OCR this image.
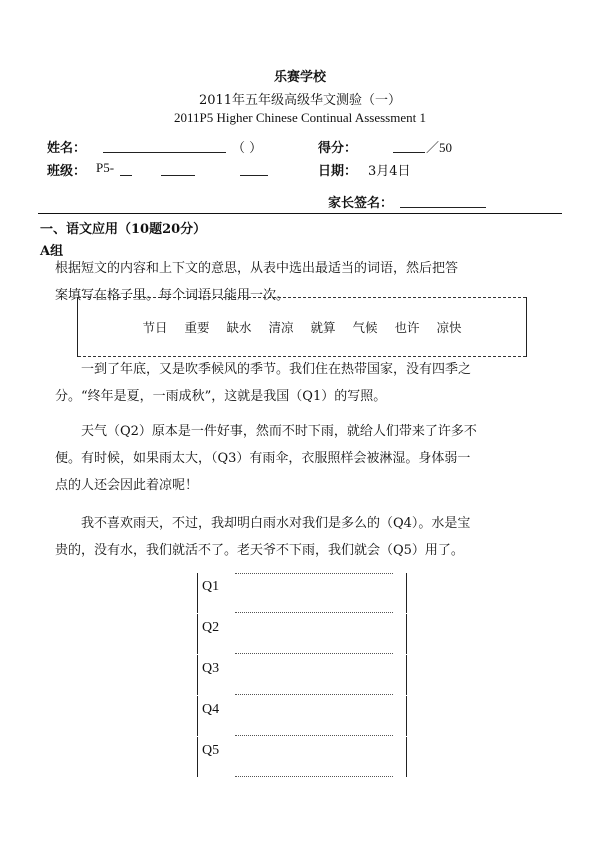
乐赛学校
2011年五年级高级华文测验（一）
2011P5 Higher Chinese Continual Assessment 1
姓名：	（ ）	得分：	／50
班级： P5-	日期： 3月4日
家长签名：
一、语文应用（10题20分）
A组

根据短文的内容和上下文的意思，从表中选出最适当的词语，然后把答

案填写在格子里。每个词语只能用一次。

节日 重要 缺水 清凉 就算 气候 也许 凉快

一到了年底，又是吹季候风的季节。我们住在热带国家，没有四季之

分。“终年是夏，一雨成秋”，这就是我国（Q1）的写照。

天气（Q2）原本是一件好事，然而不时下雨，就给人们带来了许多不

便。有时候，如果雨太大，（Q3）有雨伞，衣服照样会被淋湿。身体弱一

点的人还会因此着凉呢！

我不喜欢雨天，不过，我却明白雨水对我们是多么的（Q4）。水是宝

贵的，没有水，我们就活不了。老天爷不下雨，我们就会（Q5）用了。

Q1
Q2
Q3
Q4
Q5
